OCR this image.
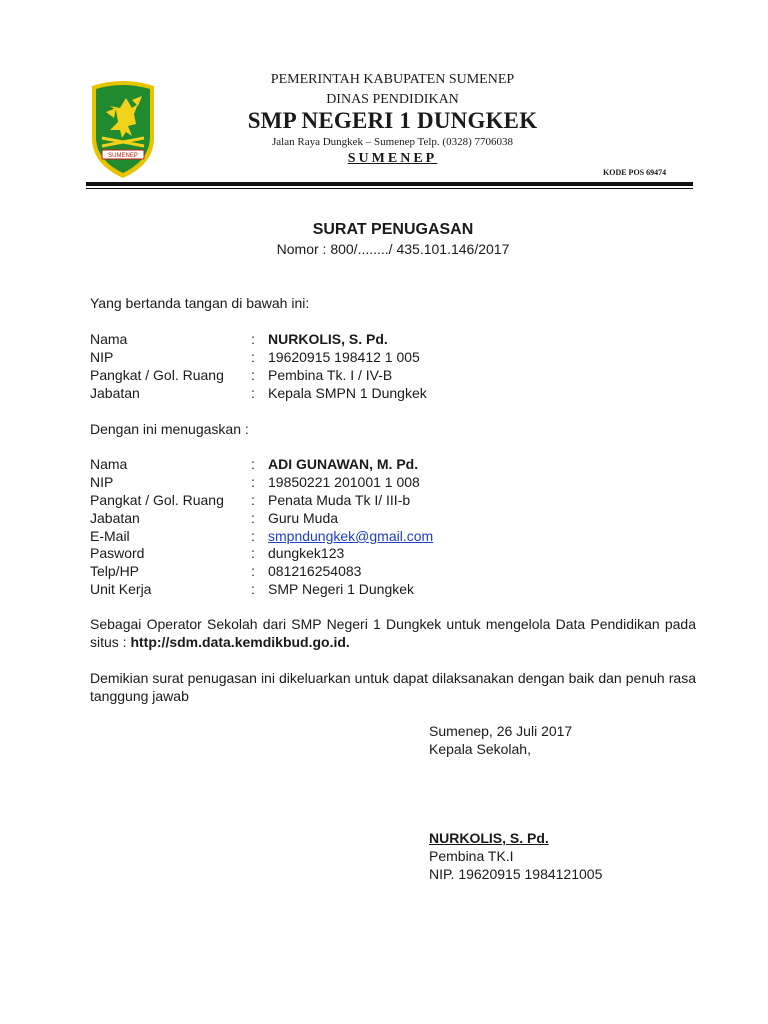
SUMENEP
PEMERINTAH KABUPATEN SUMENEP
DINAS PENDIDIKAN
SMP NEGERI 1 DUNGKEK
Jalan Raya Dungkek – Sumenep Telp. (0328) 7706038
SUMENEP
KODE POS 69474
SURAT PENUGASAN
Nomor : 800/......../ 435.101.146/2017
Yang bertanda tangan di bawah ini:
Nama	: NURKOLIS, S. Pd.
NIP	: 19620915 198412 1 005
Pangkat / Gol. Ruang : Pembina Tk. I / IV-B
Jabatan	: Kepala SMPN 1 Dungkek
Dengan ini menugaskan :
Nama	: ADI GUNAWAN, M. Pd.
NIP	: 19850221 201001 1 008
Pangkat / Gol. Ruang : Penata Muda Tk I/ III-b
Jabatan	: Guru Muda
E-Mail	: smpndungkek@gmail.com
Pasword	: dungkek123
Telp/HP	: 081216254083
Unit Kerja	: SMP Negeri 1 Dungkek
Sebagai Operator Sekolah dari SMP Negeri 1 Dungkek untuk mengelola Data Pendidikan pada situs : http://sdm.data.kemdikbud.go.id.
Demikian surat penugasan ini dikeluarkan untuk dapat dilaksanakan dengan baik dan penuh rasa tanggung jawab
Sumenep, 26 Juli 2017
Kepala Sekolah,
NURKOLIS, S. Pd.
Pembina TK.I
NIP. 19620915 1984121005
